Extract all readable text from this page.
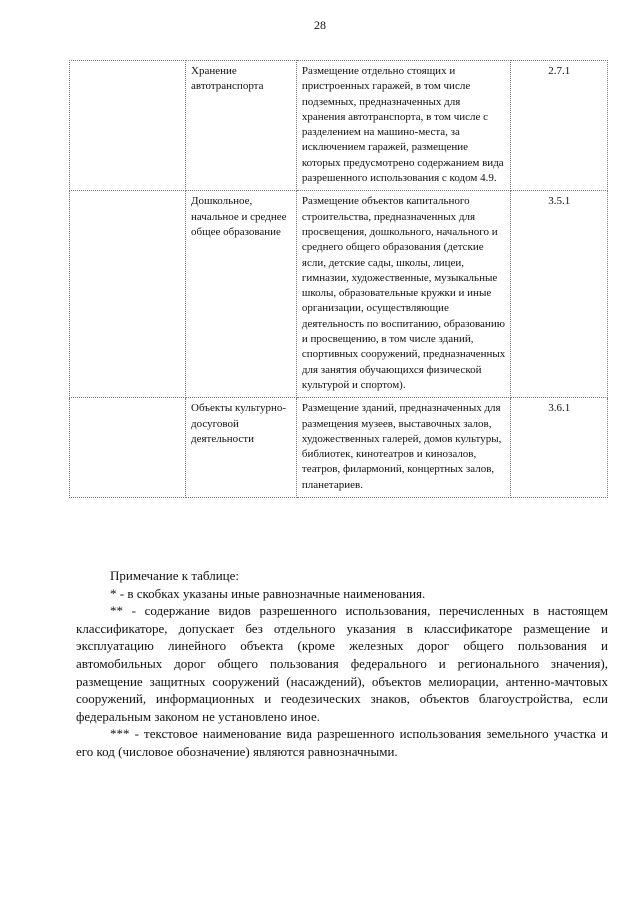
28
	Хранение автотранспорта	Размещение отдельно стоящих и пристроенных гаражей, в том числе подземных, предназначенных для хранения автотранспорта, в том числе с разделением на машино-места, за исключением гаражей, размещение которых предусмотрено содержанием вида разрешенного использования с кодом 4.9.	2.7.1
	Дошкольное, начальное и среднее общее образование	Размещение объектов капитального строительства, предназначенных для просвещения, дошкольного, начального и среднего общего образования (детские ясли, детские сады, школы, лицеи, гимназии, художественные, музыкальные школы, образовательные кружки и иные организации, осуществляющие деятельность по воспитанию, образованию и просвещению, в том числе зданий, спортивных сооружений, предназначенных для занятия обучающихся физической культурой и спортом).	3.5.1
	Объекты культурно-досуговой деятельности	Размещение зданий, предназначенных для размещения музеев, выставочных залов, художественных галерей, домов культуры, библиотек, кинотеатров и кинозалов, театров, филармоний, концертных залов, планетариев.	3.6.1

Примечание к таблице:

* - в скобках указаны иные равнозначные наименования.

** - содержание видов разрешенного использования, перечисленных в настоящем классификаторе, допускает без отдельного указания в классификаторе размещение и эксплуатацию линейного объекта (кроме железных дорог общего пользования и автомобильных дорог общего пользования федерального и регионального значения), размещение защитных сооружений (насаждений), объектов мелиорации, антенно-мачтовых сооружений, информационных и геодезических знаков, объектов благоустройства, если федеральным законом не установлено иное.

*** - текстовое наименование вида разрешенного использования земельного участка и его код (числовое обозначение) являются равнозначными.
